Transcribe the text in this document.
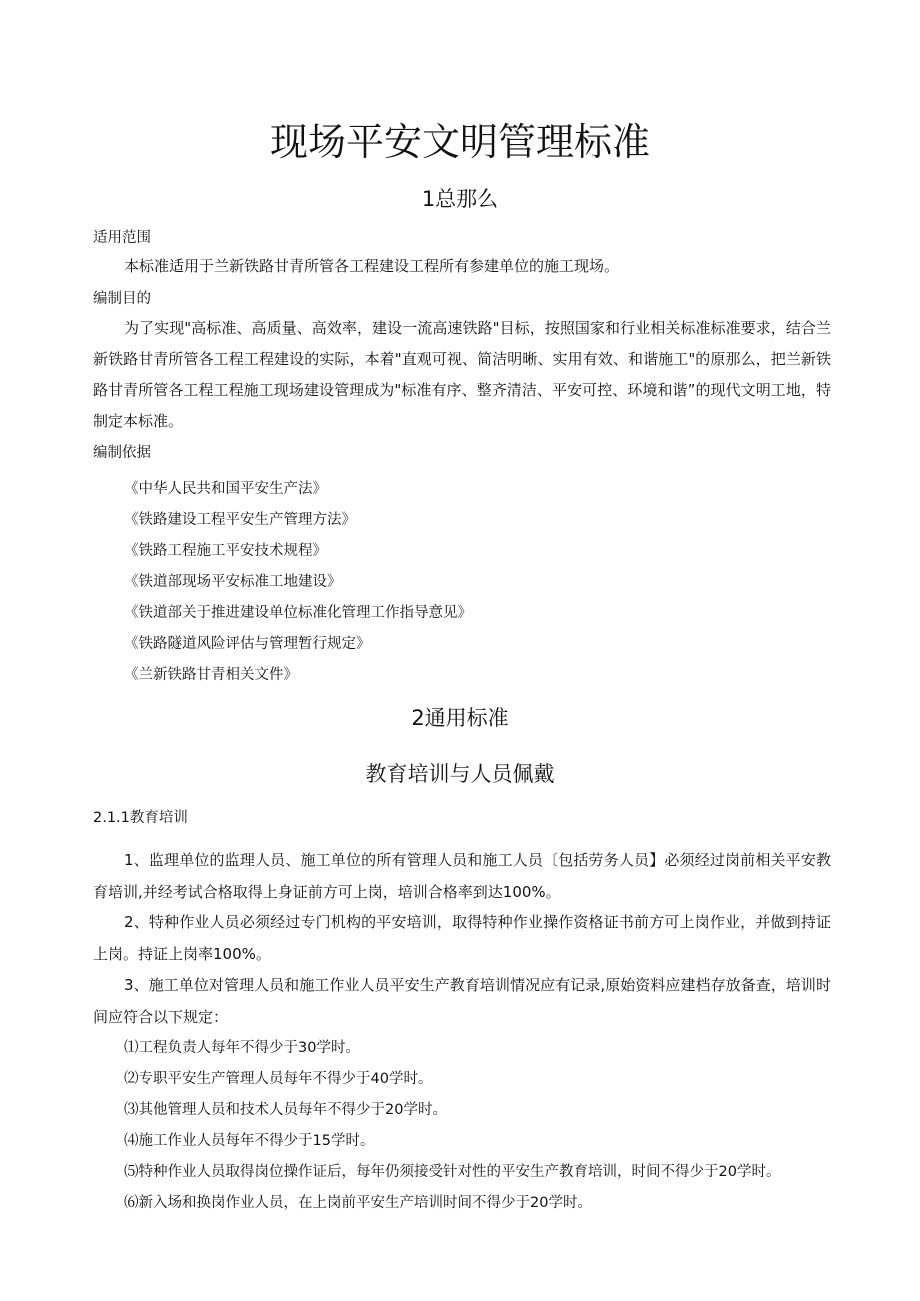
现场平安文明管理标准
1总那么
适用范围
本标准适用于兰新铁路甘青所管各工程建设工程所有参建单位的施工现场。
编制目的
为了实现"高标准、高质量、高效率，建设一流高速铁路"目标，按照国家和行业相关标准标准要求，结合兰新铁路甘青所管各工程工程建设的实际，本着"直观可视、简洁明晰、实用有效、和谐施工"的原那么，把兰新铁路甘青所管各工程工程施工现场建设管理成为"标准有序、整齐清洁、平安可控、环境和谐”的现代文明工地，特制定本标准。
编制依据
《中华人民共和国平安生产法》
《铁路建设工程平安生产管理方法》
《铁路工程施工平安技术规程》
《铁道部现场平安标准工地建设》
《铁道部关于推进建设单位标准化管理工作指导意见》
《铁路隧道风险评估与管理暂行规定》
《兰新铁路甘青相关文件》
2通用标准
教育培训与人员佩戴
2.1.1教育培训
1、监理单位的监理人员、施工单位的所有管理人员和施工人员〔包括劳务人员】必须经过岗前相关平安教育培训,并经考试合格取得上身证前方可上岗，培训合格率到达100%。
2、特种作业人员必须经过专门机构的平安培训，取得特种作业操作资格证书前方可上岗作业，并做到持证上岗。持证上岗率100%。
3、施工单位对管理人员和施工作业人员平安生产教育培训情况应有记录,原始资料应建档存放备查，培训时间应符合以下规定：
⑴工程负责人每年不得少于30学时。
⑵专职平安生产管理人员每年不得少于40学时。
⑶其他管理人员和技术人员每年不得少于20学时。
⑷施工作业人员每年不得少于15学时。
⑸特种作业人员取得岗位操作证后，每年仍须接受针对性的平安生产教育培训，时间不得少于20学时。
⑹新入场和换岗作业人员，在上岗前平安生产培训时间不得少于20学时。
